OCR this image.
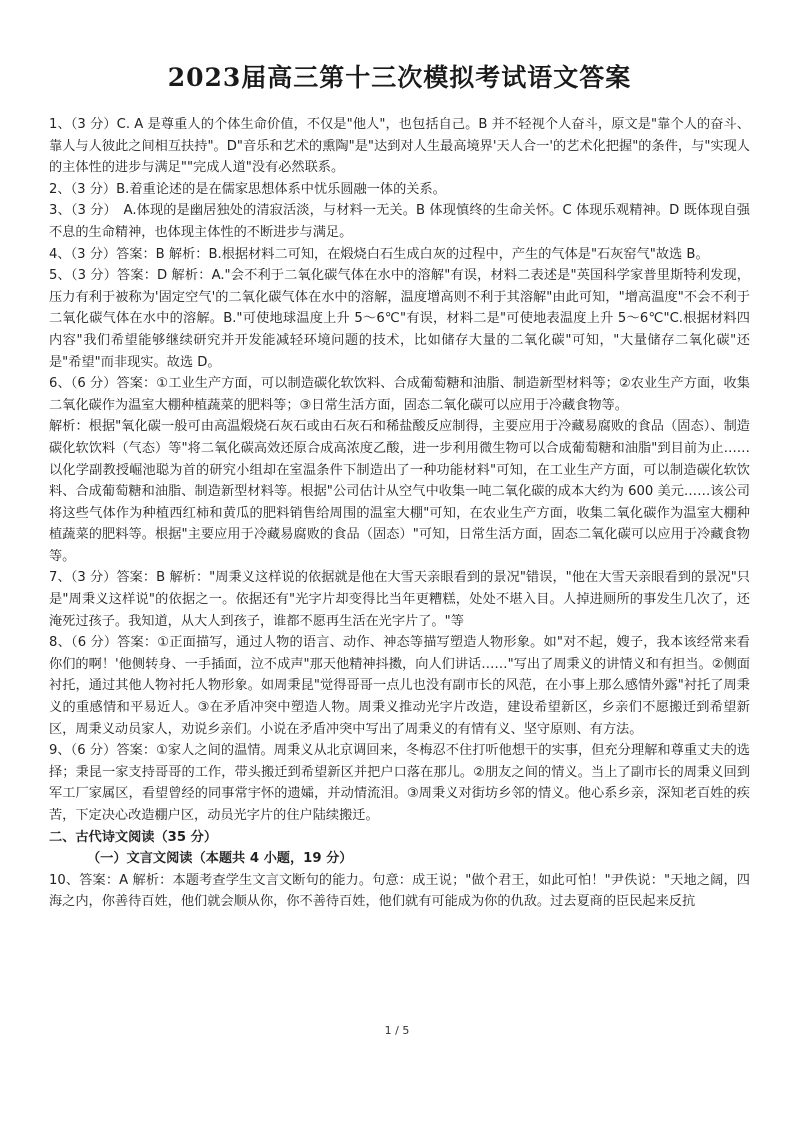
2023届高三第十三次模拟考试语文答案

1、（3 分）C. A 是尊重人的个体生命价值，不仅是"他人"，也包括自己。B 并不轻视个人奋斗，原文是"靠个人的奋斗、靠人与人彼此之间相互扶持"。D"音乐和艺术的熏陶"是"达到对人生最高境界'天人合一'的艺术化把握"的条件，与"实现人的主体性的进步与满足""完成人道"没有必然联系。

2、（3 分）B.着重论述的是在儒家思想体系中忧乐圆融一体的关系。

3、（3 分）　A.体现的是幽居独处的清寂活淡，与材料一无关。B 体现慎终的生命关怀。C 体现乐观精神。D 既体现自强不息的生命精神，也体现主体性的不断进步与满足。

4、（3 分）答案：B 解析：B.根据材料二可知，在煅烧白石生成白灰的过程中，产生的气体是"石灰窑气"故选 B。

5、（3 分）答案：D 解析：A."会不利于二氧化碳气体在水中的溶解"有误，材料二表述是"英国科学家普里斯特利发现，压力有利于被称为'固定空气'的二氧化碳气体在水中的溶解，温度增高则不利于其溶解"由此可知，"增高温度"不会不利于二氧化碳气体在水中的溶解。B."可使地球温度上升 5～6℃"有误，材料二是"可使地表温度上升 5～6℃"C.根据材料四内容"我们希望能够继续研究并开发能减轻环境问题的技术，比如储存大量的二氧化碳"可知，"大量储存二氧化碳"还是"希望"而非现实。故选 D。

6、（6 分）答案：①工业生产方面，可以制造碳化软饮料、合成葡萄糖和油脂、制造新型材料等；②农业生产方面，收集二氧化碳作为温室大棚种植蔬菜的肥料等；③日常生活方面，固态二氧化碳可以应用于冷藏食物等。

解析：根据"氧化碳一般可由高温煅烧石灰石或由石灰石和稀盐酸反应制得，主要应用于冷藏易腐败的食品（固态）、制造碳化软饮料（气态）等"将二氧化碳高效还原合成高浓度乙酸，进一步利用微生物可以合成葡萄糖和油脂"到目前为止……以化学副教授崛池聪为首的研究小组却在室温条件下制造出了一种功能材料"可知，在工业生产方面，可以制造碳化软饮料、合成葡萄糖和油脂、制造新型材料等。根据"公司估计从空气中收集一吨二氧化碳的成本大约为 600 美元……该公司将这些气体作为种植西红柿和黄瓜的肥料销售给周围的温室大棚"可知，在农业生产方面，收集二氧化碳作为温室大棚种植蔬菜的肥料等。根据"主要应用于冷藏易腐败的食品（固态）"可知，日常生活方面，固态二氧化碳可以应用于冷藏食物等。

7、（3 分）答案：B 解析："周秉义这样说的依据就是他在大雪天亲眼看到的景况"错误，"他在大雪天亲眼看到的景况"只是"周秉义这样说"的依据之一。依据还有"光字片却变得比当年更糟糕，处处不堪入目。人掉进厕所的事发生几次了，还淹死过孩子。我知道，从大人到孩子，谁都不愿再生活在光字片了。"等

8、（6 分）答案：①正面描写，通过人物的语言、动作、神态等描写塑造人物形象。如"对不起，嫂子，我本该经常来看你们的啊！'他侧转身、一手插面，泣不成声"那天他精神抖擞，向人们讲话……"写出了周秉义的讲情义和有担当。②侧面衬托，通过其他人物衬托人物形象。如周秉昆"觉得哥哥一点儿也没有副市长的风范，在小事上那么感情外露"衬托了周秉义的重感情和平易近人。③在矛盾冲突中塑造人物。周秉义推动光字片改造，建设希望新区，乡亲们不愿搬迁到希望新区，周秉义动员家人，劝说乡亲们。小说在矛盾冲突中写出了周秉义的有情有义、坚守原则、有方法。

9、（6 分）答案：①家人之间的温情。周秉义从北京调回来，冬梅忍不住打听他想干的实事，但充分理解和尊重丈夫的选择；秉昆一家支持哥哥的工作，带头搬迁到希望新区并把户口落在那儿。②朋友之间的情义。当上了副市长的周秉义回到军工厂家属区，看望曾经的同事常宇怀的遗孀，并动情流泪。③周秉义对街坊乡邻的情义。他心系乡亲，深知老百姓的疾苦，下定决心改造棚户区，动员光字片的住户陆续搬迁。

二、古代诗文阅读（35 分）

（一）文言文阅读（本题共 4 小题，19 分）

10、答案：A 解析：本题考查学生文言文断句的能力。句意：成王说；"做个君王，如此可怕！"尹佚说："天地之阔，四海之内，你善待百姓，他们就会顺从你，你不善待百姓，他们就有可能成为你的仇敌。过去夏商的臣民起来反抗

1 / 5
